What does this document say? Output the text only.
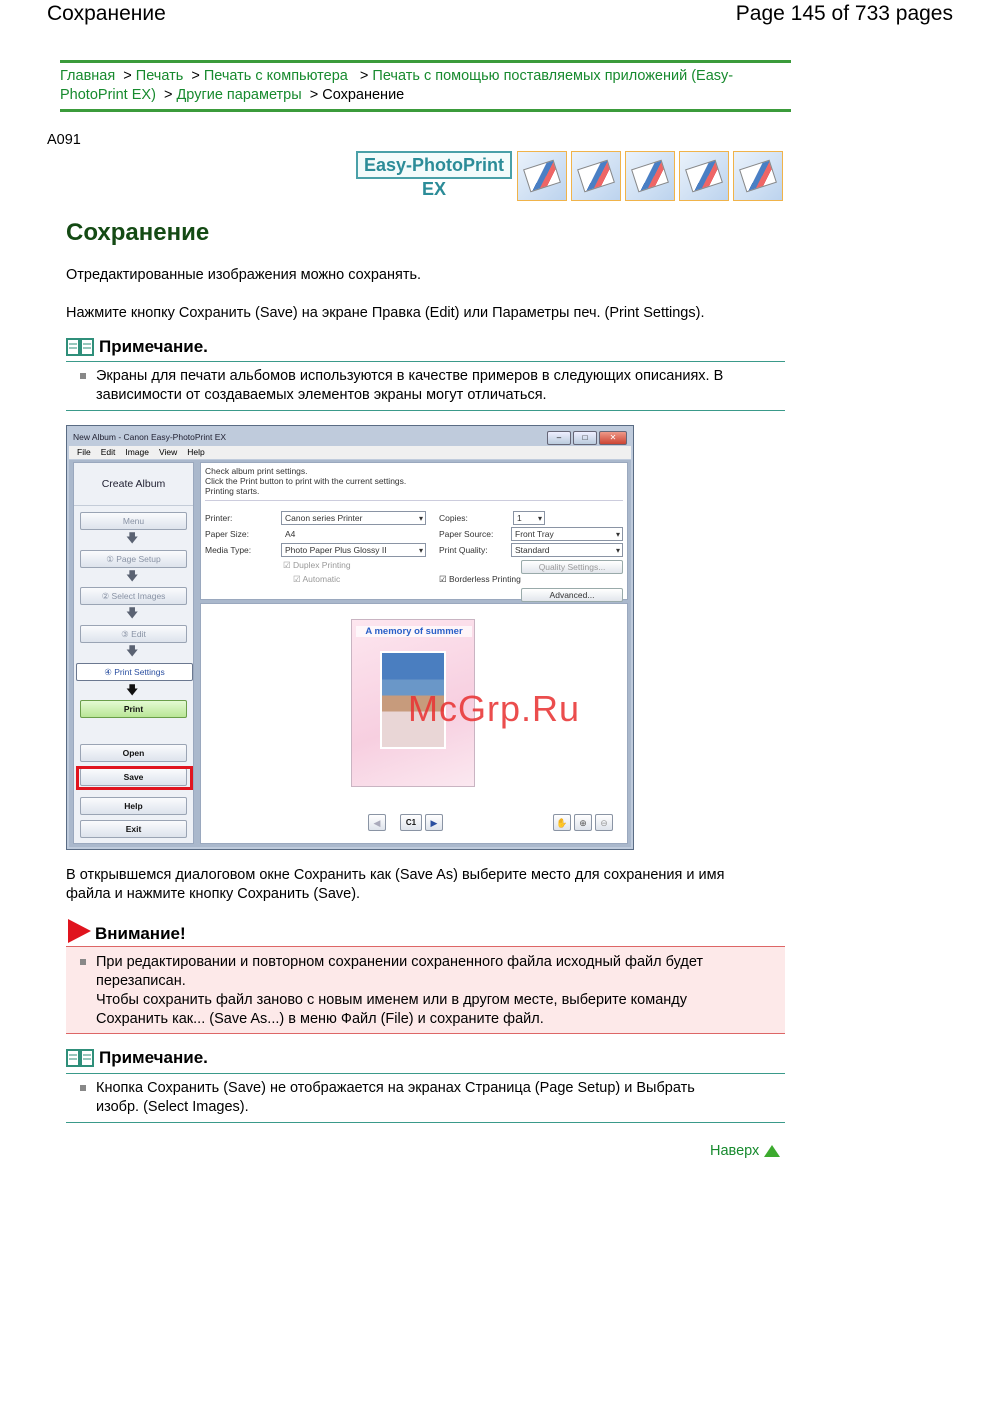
Сохранение	Page 145 of 733 pages
Главная > Печать > Печать с компьютера > Печать с помощью поставляемых приложений (Easy-
PhotoPrint EX) > Другие параметры > Сохранение
A091
Easy-PhotoPrint EX
Сохранение
Отредактированные изображения можно сохранять.
Нажмите кнопку Сохранить (Save) на экране Правка (Edit) или Параметры печ. (Print Settings).
Примечание.
Экраны для печати альбомов используются в качестве примеров в следующих описаниях. В
зависимости от создаваемых элементов экраны могут отличаться.
New Album - Canon Easy-PhotoPrint EX	–	□	✕
File Edit Image View Help
Create Album
Menu
🡇
① Page Setup
🡇
② Select Images
🡇
③ Edit
🡇
④ Print Settings
🡇
Print
Open
Save
Help
Exit
Check album print settings.
Click the Print button to print with the current settings.
Printing starts.
Printer:	Canon series Printer ▾
Paper Size:	A4
Media Type:	Photo Paper Plus Glossy II ▾
☑ Duplex Printing
☑ Automatic
Copies:	1 ▾
Paper Source:	Front Tray ▾
Print Quality:	Standard ▾
Quality Settings...
☑ Borderless Printing
Advanced...
A memory of summer
◀	C1	▶	✋	⊕	⊖
McGrp.Ru
В открывшемся диалоговом окне Сохранить как (Save As) выберите место для сохранения и имя
файла и нажмите кнопку Сохранить (Save).
Внимание!
При редактировании и повторном сохранении сохраненного файла исходный файл будет
перезаписан.
Чтобы сохранить файл заново с новым именем или в другом месте, выберите команду
Сохранить как... (Save As...) в меню Файл (File) и сохраните файл.
Примечание.
Кнопка Сохранить (Save) не отображается на экранах Страница (Page Setup) и Выбрать
изобр. (Select Images).
Наверх
